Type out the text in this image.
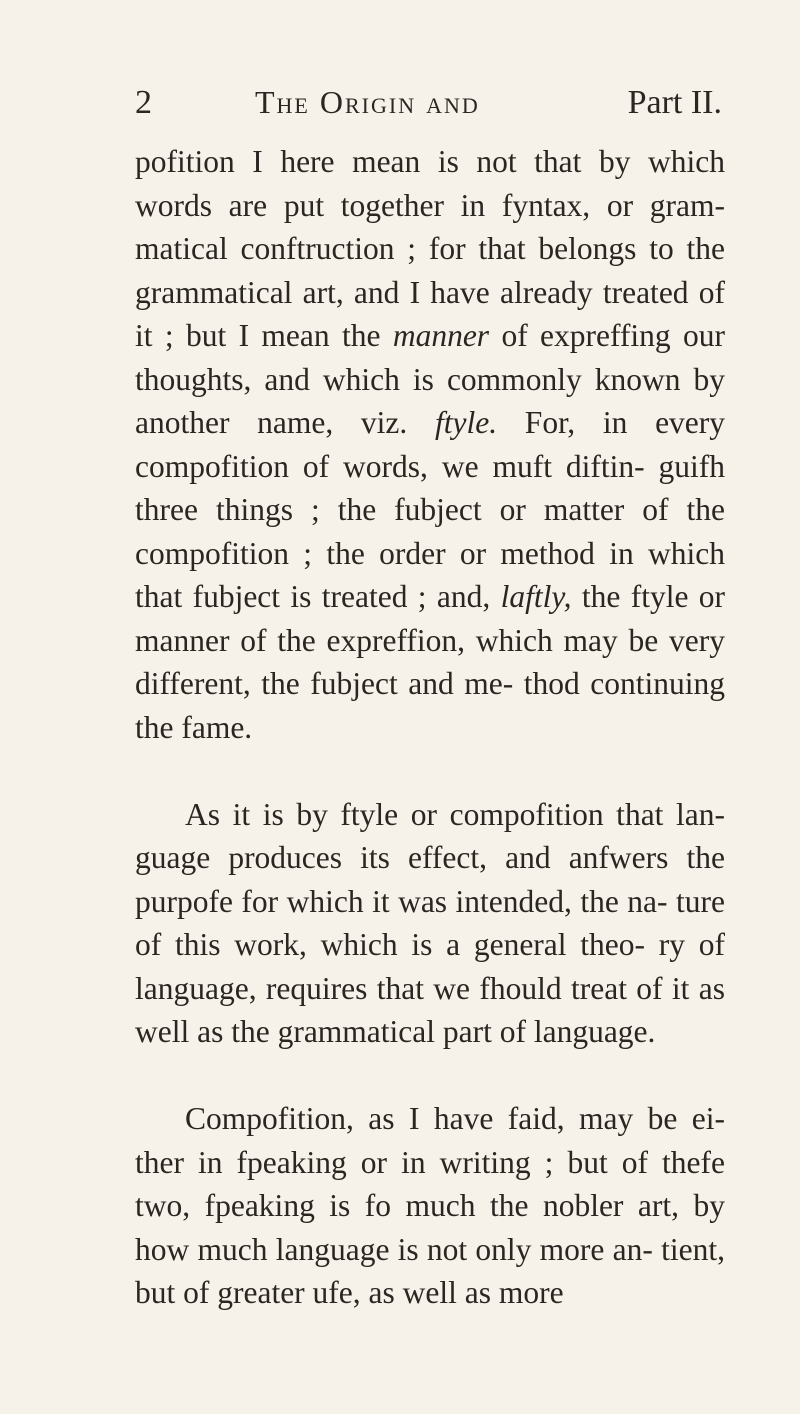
2	The Origin and	Part II.

pofition I here mean is not that by which words are put together in fyntax, or gram- matical conftruction ; for that belongs to the grammatical art, and I have already treated of it ; but I mean the manner of expreffing our thoughts, and which is commonly known by another name, viz. ftyle. For, in every compofition of words, we muft diftin- guifh three things ; the fubject or matter of the compofition ; the order or method in which that fubject is treated ; and, laftly, the ftyle or manner of the expreffion, which may be very different, the fubject and me- thod continuing the fame.

As it is by ftyle or compofition that lan- guage produces its effect, and anfwers the purpofe for which it was intended, the na- ture of this work, which is a general theo- ry of language, requires that we fhould treat of it as well as the grammatical part of language.

Compofition, as I have faid, may be ei- ther in fpeaking or in writing ; but of thefe two, fpeaking is fo much the nobler art, by how much language is not only more an- tient, but of greater ufe, as well as more
